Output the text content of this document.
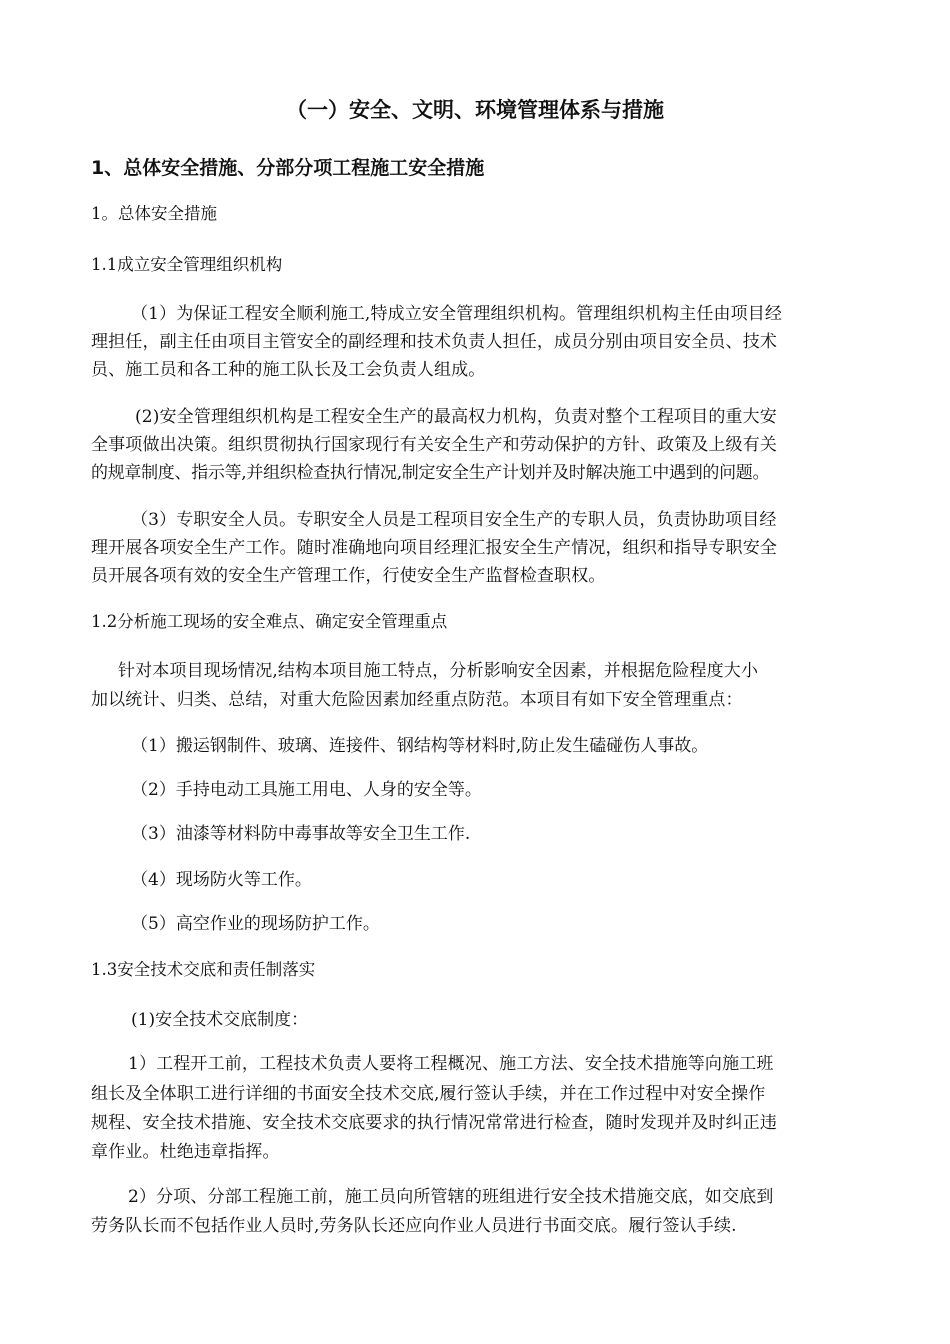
（一）安全、文明、环境管理体系与措施
1、总体安全措施、分部分项工程施工安全措施

1。总体安全措施

1.1成立安全管理组织机构

（1）为保证工程安全顺利施工,特成立安全管理组织机构。管理组织机构主任由项目经

理担任，副主任由项目主管安全的副经理和技术负责人担任，成员分别由项目安全员、技术

员、施工员和各工种的施工队长及工会负责人组成。

(2)安全管理组织机构是工程安全生产的最高权力机构，负责对整个工程项目的重大安

全事项做出决策。组织贯彻执行国家现行有关安全生产和劳动保护的方针、政策及上级有关

的规章制度、指示等,并组织检查执行情况,制定安全生产计划并及时解决施工中遇到的问题。

（3）专职安全人员。专职安全人员是工程项目安全生产的专职人员，负责协助项目经

理开展各项安全生产工作。随时准确地向项目经理汇报安全生产情况，组织和指导专职安全

员开展各项有效的安全生产管理工作，行使安全生产监督检查职权。

1.2分析施工现场的安全难点、确定安全管理重点

针对本项目现场情况,结构本项目施工特点，分析影响安全因素，并根据危险程度大小

加以统计、归类、总结，对重大危险因素加经重点防范。本项目有如下安全管理重点：

（1）搬运钢制件、玻璃、连接件、钢结构等材料时,防止发生磕碰伤人事故。

（2）手持电动工具施工用电、人身的安全等。

（3）油漆等材料防中毒事故等安全卫生工作.

（4）现场防火等工作。

（5）高空作业的现场防护工作。

1.3安全技术交底和责任制落实

(1)安全技术交底制度：

1）工程开工前，工程技术负责人要将工程概况、施工方法、安全技术措施等向施工班

组长及全体职工进行详细的书面安全技术交底,履行签认手续，并在工作过程中对安全操作

规程、安全技术措施、安全技术交底要求的执行情况常常进行检查，随时发现并及时纠正违

章作业。杜绝违章指挥。

2）分项、分部工程施工前，施工员向所管辖的班组进行安全技术措施交底，如交底到

劳务队长而不包括作业人员时,劳务队长还应向作业人员进行书面交底。履行签认手续.
